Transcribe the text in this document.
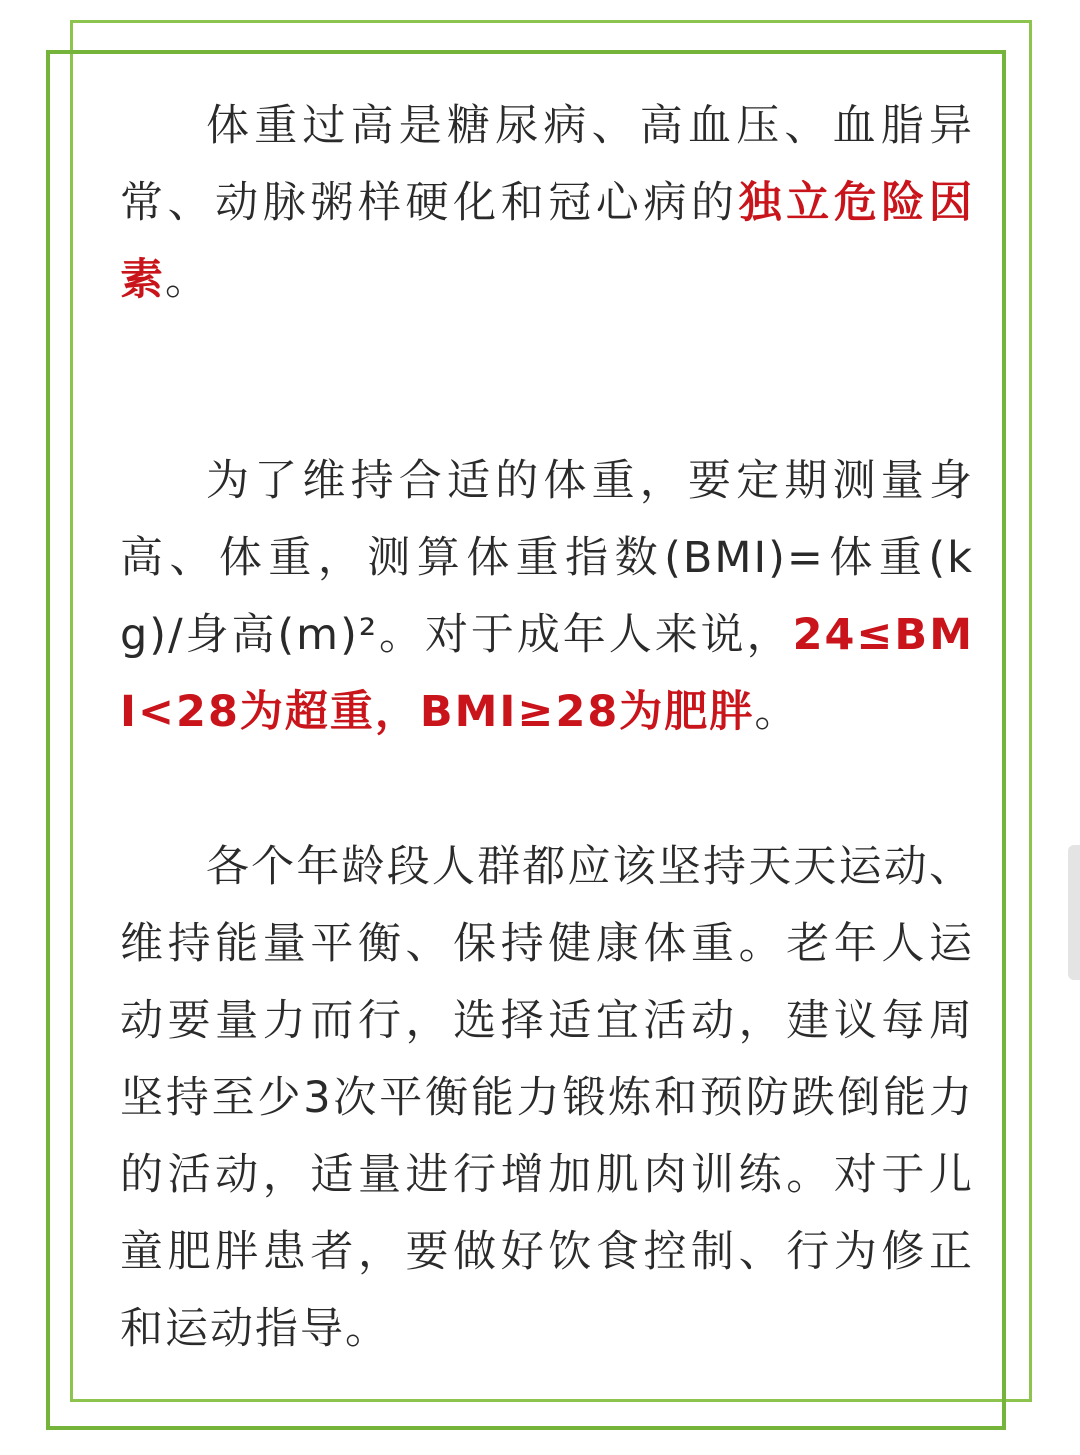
体重过高是糖尿病、高血压、血脂异常、动脉粥样硬化和冠心病的独立危险因素。

为了维持合适的体重，要定期测量身高、体重，测算体重指数(BMI)=体重(kg)/身高(m)²。对于成年人来说，24≤BMI<28为超重，BMI≥28为肥胖。

各个年龄段人群都应该坚持天天运动、维持能量平衡、保持健康体重。老年人运动要量力而行，选择适宜活动，建议每周坚持至少3次平衡能力锻炼和预防跌倒能力的活动，适量进行增加肌肉训练。对于儿童肥胖患者，要做好饮食控制、行为修正和运动指导。
